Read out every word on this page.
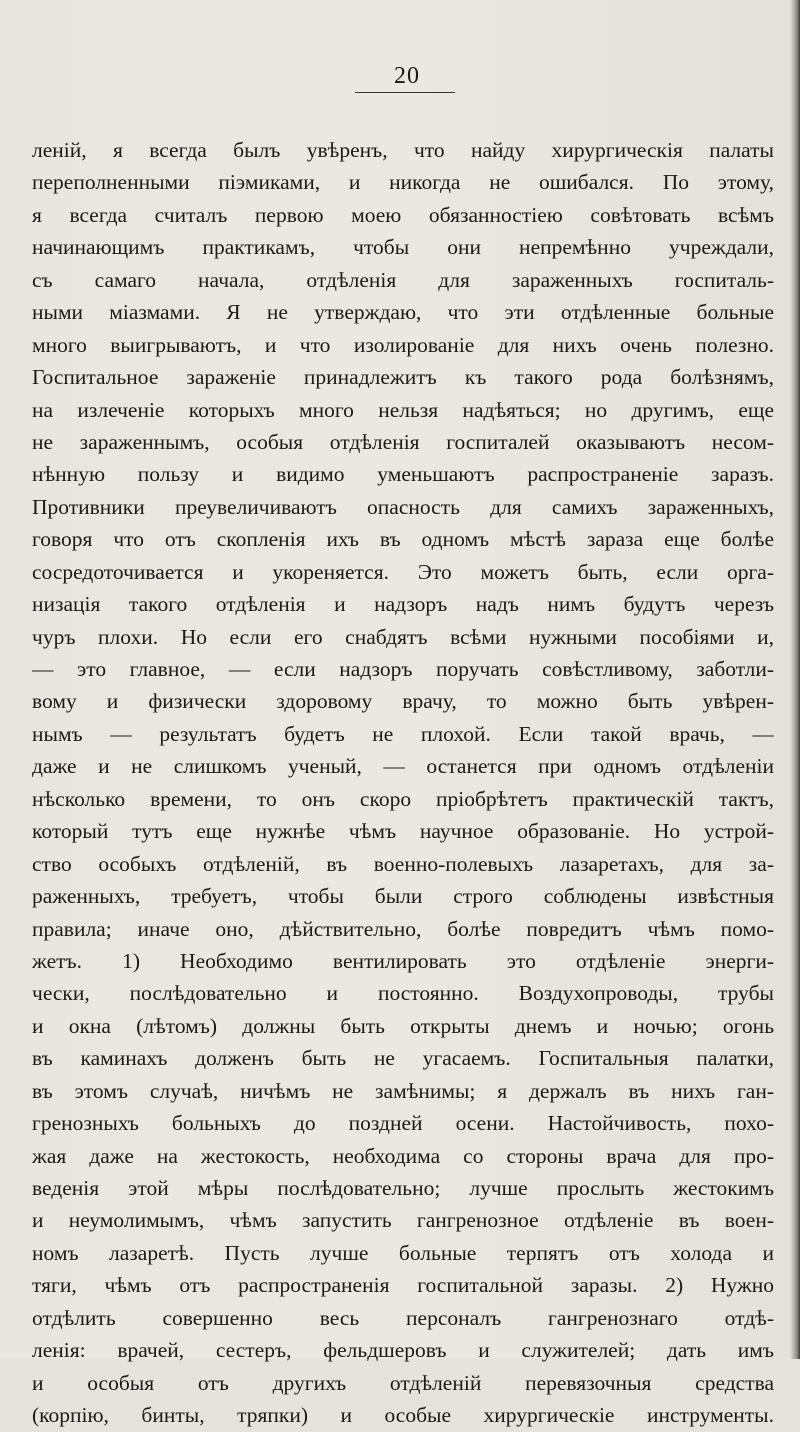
20
леній, я всегда былъ увѣренъ, что найду хирургическія палаты
переполненными піэмиками, и никогда не ошибался. По этому,
я всегда считалъ первою моею обязанностіею совѣтовать всѣмъ
начинающимъ практикамъ, чтобы они непремѣнно учреждали,
съ самаго начала, отдѣленія для зараженныхъ госпиталь-
ными міазмами. Я не утверждаю, что эти отдѣленные больные
много выигрываютъ, и что изолированіе для нихъ очень полезно.
Госпитальное зараженіе принадлежитъ къ такого рода болѣзнямъ,
на излеченіе которыхъ много нельзя надѣяться; но другимъ, еще
не зараженнымъ, особыя отдѣленія госпиталей оказываютъ несом-
нѣнную пользу и видимо уменьшаютъ распространеніе заразъ.
Противники преувеличиваютъ опасность для самихъ зараженныхъ,
говоря что отъ скопленія ихъ въ одномъ мѣстѣ зараза еще болѣе
сосредоточивается и укореняется. Это можетъ быть, если орга-
низація такого отдѣленія и надзоръ надъ нимъ будутъ черезъ
чуръ плохи. Но если его снабдятъ всѣми нужными пособіями и,
— это главное, — если надзоръ поручать совѣстливому, заботли-
вому и физически здоровому врачу, то можно быть увѣрен-
нымъ — результатъ будетъ не плохой. Если такой врачь, —
даже и не слишкомъ ученый, — останется при одномъ отдѣленіи
нѣсколько времени, то онъ скоро пріобрѣтетъ практическій тактъ,
который тутъ еще нужнѣе чѣмъ научное образованіе. Но устрой-
ство особыхъ отдѣленій, въ военно-полевыхъ лазаретахъ, для за-
раженныхъ, требуетъ, чтобы были строго соблюдены извѣстныя
правила; иначе оно, дѣйствительно, болѣе повредитъ чѣмъ помо-
жетъ. 1) Необходимо вентилировать это отдѣленіе энерги-
чески, послѣдовательно и постоянно. Воздухопроводы, трубы
и окна (лѣтомъ) должны быть открыты днемъ и ночью; огонь
въ каминахъ долженъ быть не угасаемъ. Госпитальныя палатки,
въ этомъ случаѣ, ничѣмъ не замѣнимы; я держалъ въ нихъ ган-
гренозныхъ больныхъ до поздней осени. Настойчивость, похо-
жая даже на жестокость, необходима со стороны врача для про-
веденія этой мѣры послѣдовательно; лучше прослыть жестокимъ
и неумолимымъ, чѣмъ запустить гангренозное отдѣленіе въ воен-
номъ лазаретѣ. Пусть лучше больные терпятъ отъ холода и
тяги, чѣмъ отъ распространенія госпитальной заразы. 2) Нужно
отдѣлить совершенно весь персоналъ гангренознаго отдѣ-
ленія: врачей, сестеръ, фельдшеровъ и служителей; дать имъ
и особыя отъ другихъ отдѣленій перевязочныя средства
(корпію, бинты, тряпки) и особые хирургическіе инструменты.
